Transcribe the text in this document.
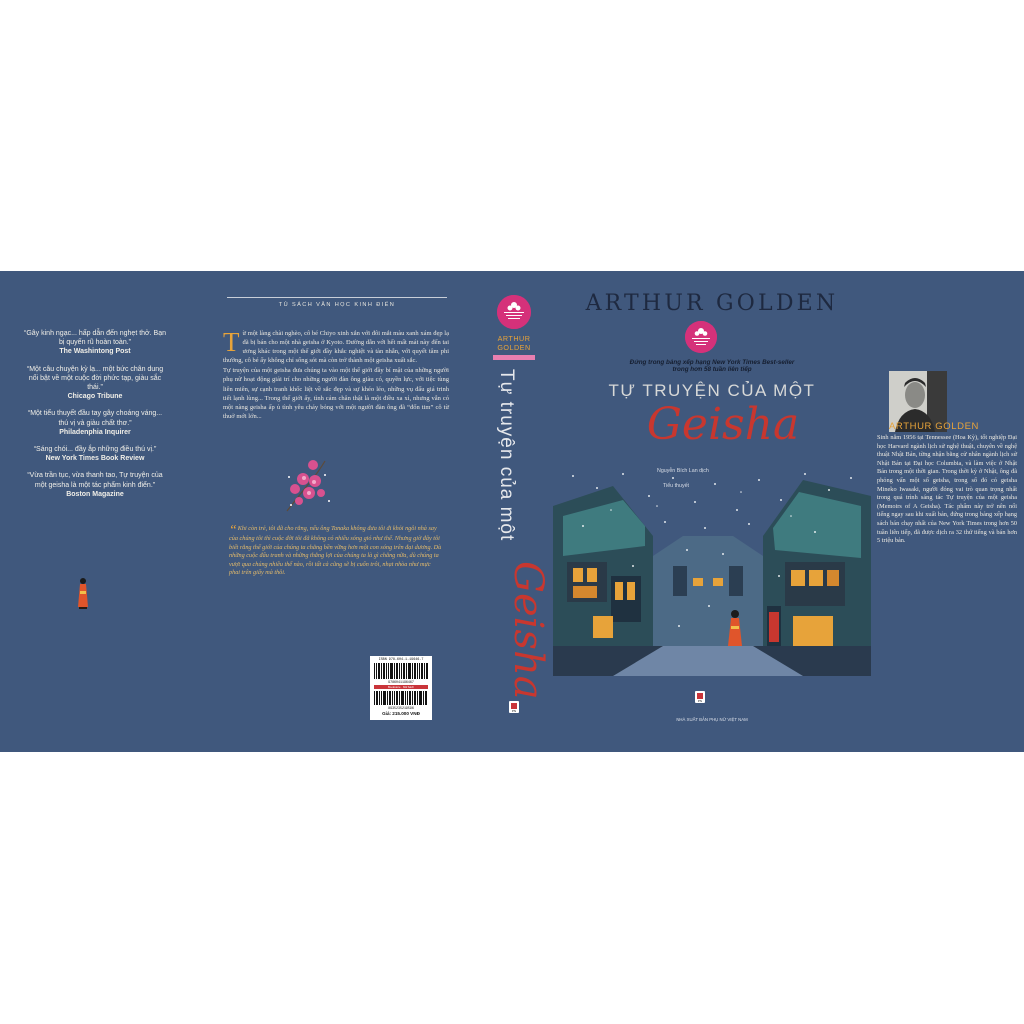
“Gây kinh ngạc... hấp dẫn đến nghẹt thở. Bạn bị quyến rũ hoàn toàn.”
The Washintong Post
“Một câu chuyện kỳ lạ... một bức chân dung nổi bật về một cuộc đời phức tạp, giàu sắc thái.”
Chicago Tribune
“Một tiểu thuyết đầu tay gây choáng váng... thú vị và giàu chất thơ.”
Philadenphia Inquirer
“Sáng chói... đầy ắp những điều thú vị.”
New York Times Book Review
“Vừa trần tục, vừa thanh tao, Tự truyện của một geisha là một tác phẩm kinh điển.”
Boston Magazine
TỦ SÁCH VĂN HỌC KINH ĐIỂN
T ừ một làng chài nghèo, cô bé Chiyo xinh xắn với đôi mắt màu xanh xám đẹp lạ đã bị bán cho một nhà geisha ở Kyoto. Đường dẫn với hết mất mát này đến tai ương khác trong một thế giới đầy khắc nghiệt và tàn nhẫn, với quyết tâm phi thường, cô bé ấy không chỉ sống sót mà còn trở thành một geisha xuất sắc.

Tự truyện của một geisha đưa chúng ta vào một thế giới đầy bí mật của những người phụ nữ hoạt động giải trí cho những người đàn ông giàu có, quyền lực, với tiệc tùng liên miên, sự cạnh tranh khốc liệt về sắc đẹp và sự khéo léo, những vụ đấu giá trinh tiết lạnh lùng... Trong thế giới ấy, tình cảm chân thật là một điều xa xỉ, nhưng vẫn có một nàng geisha ấp ủ tình yêu cháy bỏng với một người đàn ông đã “đốn tim” cô từ thuở mới lớn...

“Khi còn trẻ, tôi đã cho rằng, nếu ông Tanaka không đưa tôi đi khỏi ngôi nhà say của chúng tôi thì cuộc đời tôi đã không có nhiều sóng gió như thế. Nhưng giờ đây tôi biết rằng thế giới của chúng ta chẳng bền vững hơn một con sóng trên đại dương. Dù những cuộc đấu tranh và những thắng lợi của chúng ta là gì chăng nữa, dù chúng ta vượt qua chúng nhiều thế nào, rồi tất cả cũng sẽ bị cuốn trôi, nhạt nhòa như mực phai trên giấy mà thôi.
ISBN 978-604-1-19646-7
9786041196467
Bookstore · Mã Sách
8935235219596
Giá: 215.000 VNĐ
ARTHUR
GOLDEN
Tự truyện của một
Geisha
PN
ARTHUR GOLDEN
Đứng trong bảng xếp hạng New York Times Best-seller
trong hơn 58 tuần liên tiếp
TỰ TRUYỆN CỦA MỘT
Geisha
Nguyễn Bích Lan dịch
Tiểu thuyết
PN
NHÀ XUẤT BẢN PHỤ NỮ VIỆT NAM
ARTHUR GOLDEN
Sinh năm 1956 tại Tennessee (Hoa Kỳ), tốt nghiệp Đại học Harvard ngành lịch sử nghệ thuật, chuyên về nghệ thuật Nhật Bản, từng nhận bằng cử nhân ngành lịch sử Nhật Bản tại Đại học Columbia, và làm việc ở Nhật Bản trong một thời gian. Trong thời kỳ ở Nhật, ông đã phỏng vấn một số geisha, trong số đó có geisha Mineko Iwasaki, người đóng vai trò quan trọng nhất trong quá trình sáng tác Tự truyện của một geisha (Memoirs of A Geisha). Tác phẩm này trở nên nổi tiếng ngay sau khi xuất bản, đứng trong bảng xếp hạng sách bán chạy nhất của New York Times trong hơn 50 tuần liên tiếp, đã được dịch ra 32 thứ tiếng và bán hơn 5 triệu bản.
